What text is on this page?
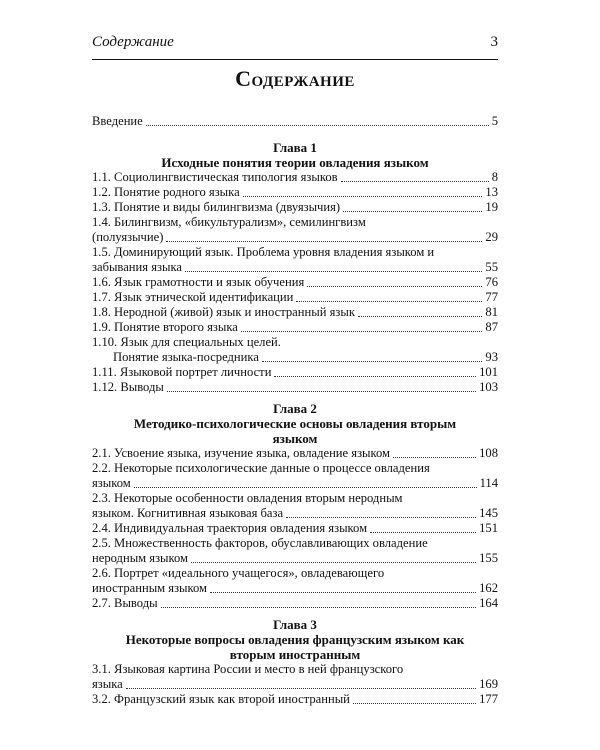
Содержание	3
Содержание
Введение	5
Глава 1
Исходные понятия теории овладения языком
1.1. Социолингвистическая типология языков	8
1.2. Понятие родного языка	13
1.3. Понятие и виды билингвизма (двуязычия)	19
1.4. Билингвизм, «бикультурализм», семилингвизм
(полуязычие)	29
1.5. Доминирующий язык. Проблема уровня владения языком и
забывания языка	55
1.6. Язык грамотности и язык обучения	76
1.7. Язык этнической идентификации	77
1.8. Неродной (живой) язык и иностранный язык	81
1.9. Понятие второго языка	87
1.10. Язык для специальных целей.
Понятие языка-посредника	93
1.11. Языковой портрет личности	101
1.12. Выводы	103
Глава 2
Методико-психологические основы овладения вторым
языком
2.1. Усвоение языка, изучение языка, овладение языком	108
2.2. Некоторые психологические данные о процессе овладения
языком	114
2.3. Некоторые особенности овладения вторым неродным
языком. Когнитивная языковая база	145
2.4. Индивидуальная траектория овладения языком	151
2.5. Множественность факторов, обуславливающих овладение
неродным языком	155
2.6. Портрет «идеального учащегося», овладевающего
иностранным языком	162
2.7. Выводы	164
Глава 3
Некоторые вопросы овладения французским языком как
вторым иностранным
3.1. Языковая картина России и место в ней французского
языка	169
3.2. Французский язык как второй иностранный	177
